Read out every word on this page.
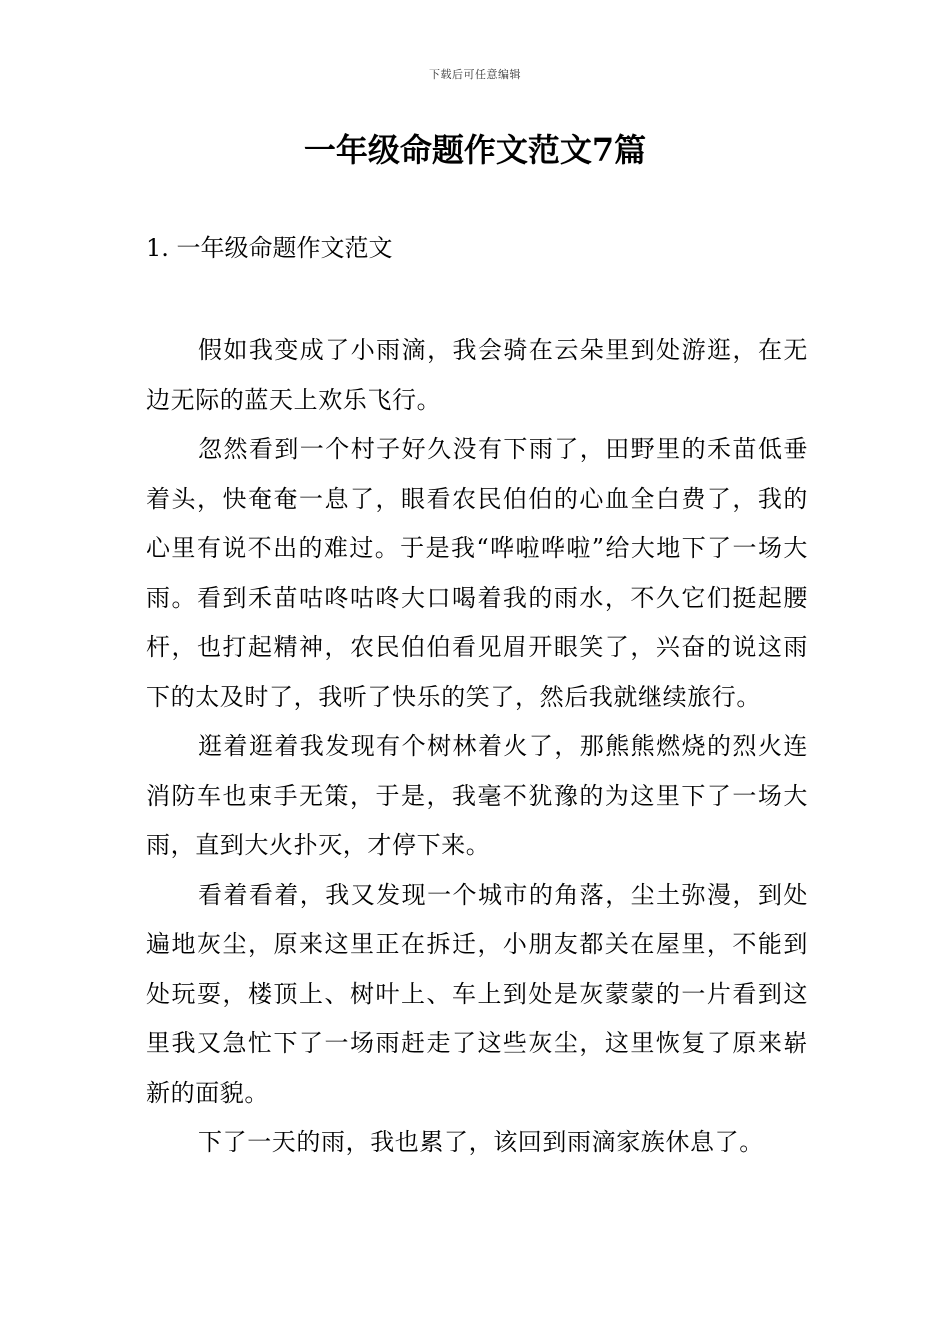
下载后可任意编辑
一年级命题作文范文7篇
1. 一年级命题作文范文

假如我变成了小雨滴，我会骑在云朵里到处游逛，在无边无际的蓝天上欢乐飞行。

忽然看到一个村子好久没有下雨了，田野里的禾苗低垂着头，快奄奄一息了，眼看农民伯伯的心血全白费了，我的心里有说不出的难过。于是我“哗啦哗啦”给大地下了一场大雨。看到禾苗咕咚咕咚大口喝着我的雨水，不久它们挺起腰杆，也打起精神，农民伯伯看见眉开眼笑了，兴奋的说这雨下的太及时了，我听了快乐的笑了，然后我就继续旅行。

逛着逛着我发现有个树林着火了，那熊熊燃烧的烈火连消防车也束手无策，于是，我毫不犹豫的为这里下了一场大雨，直到大火扑灭，才停下来。

看着看着，我又发现一个城市的角落，尘土弥漫，到处遍地灰尘，原来这里正在拆迁，小朋友都关在屋里，不能到处玩耍，楼顶上、树叶上、车上到处是灰蒙蒙的一片看到这里我又急忙下了一场雨赶走了这些灰尘，这里恢复了原来崭新的面貌。

下了一天的雨，我也累了，该回到雨滴家族休息了。
